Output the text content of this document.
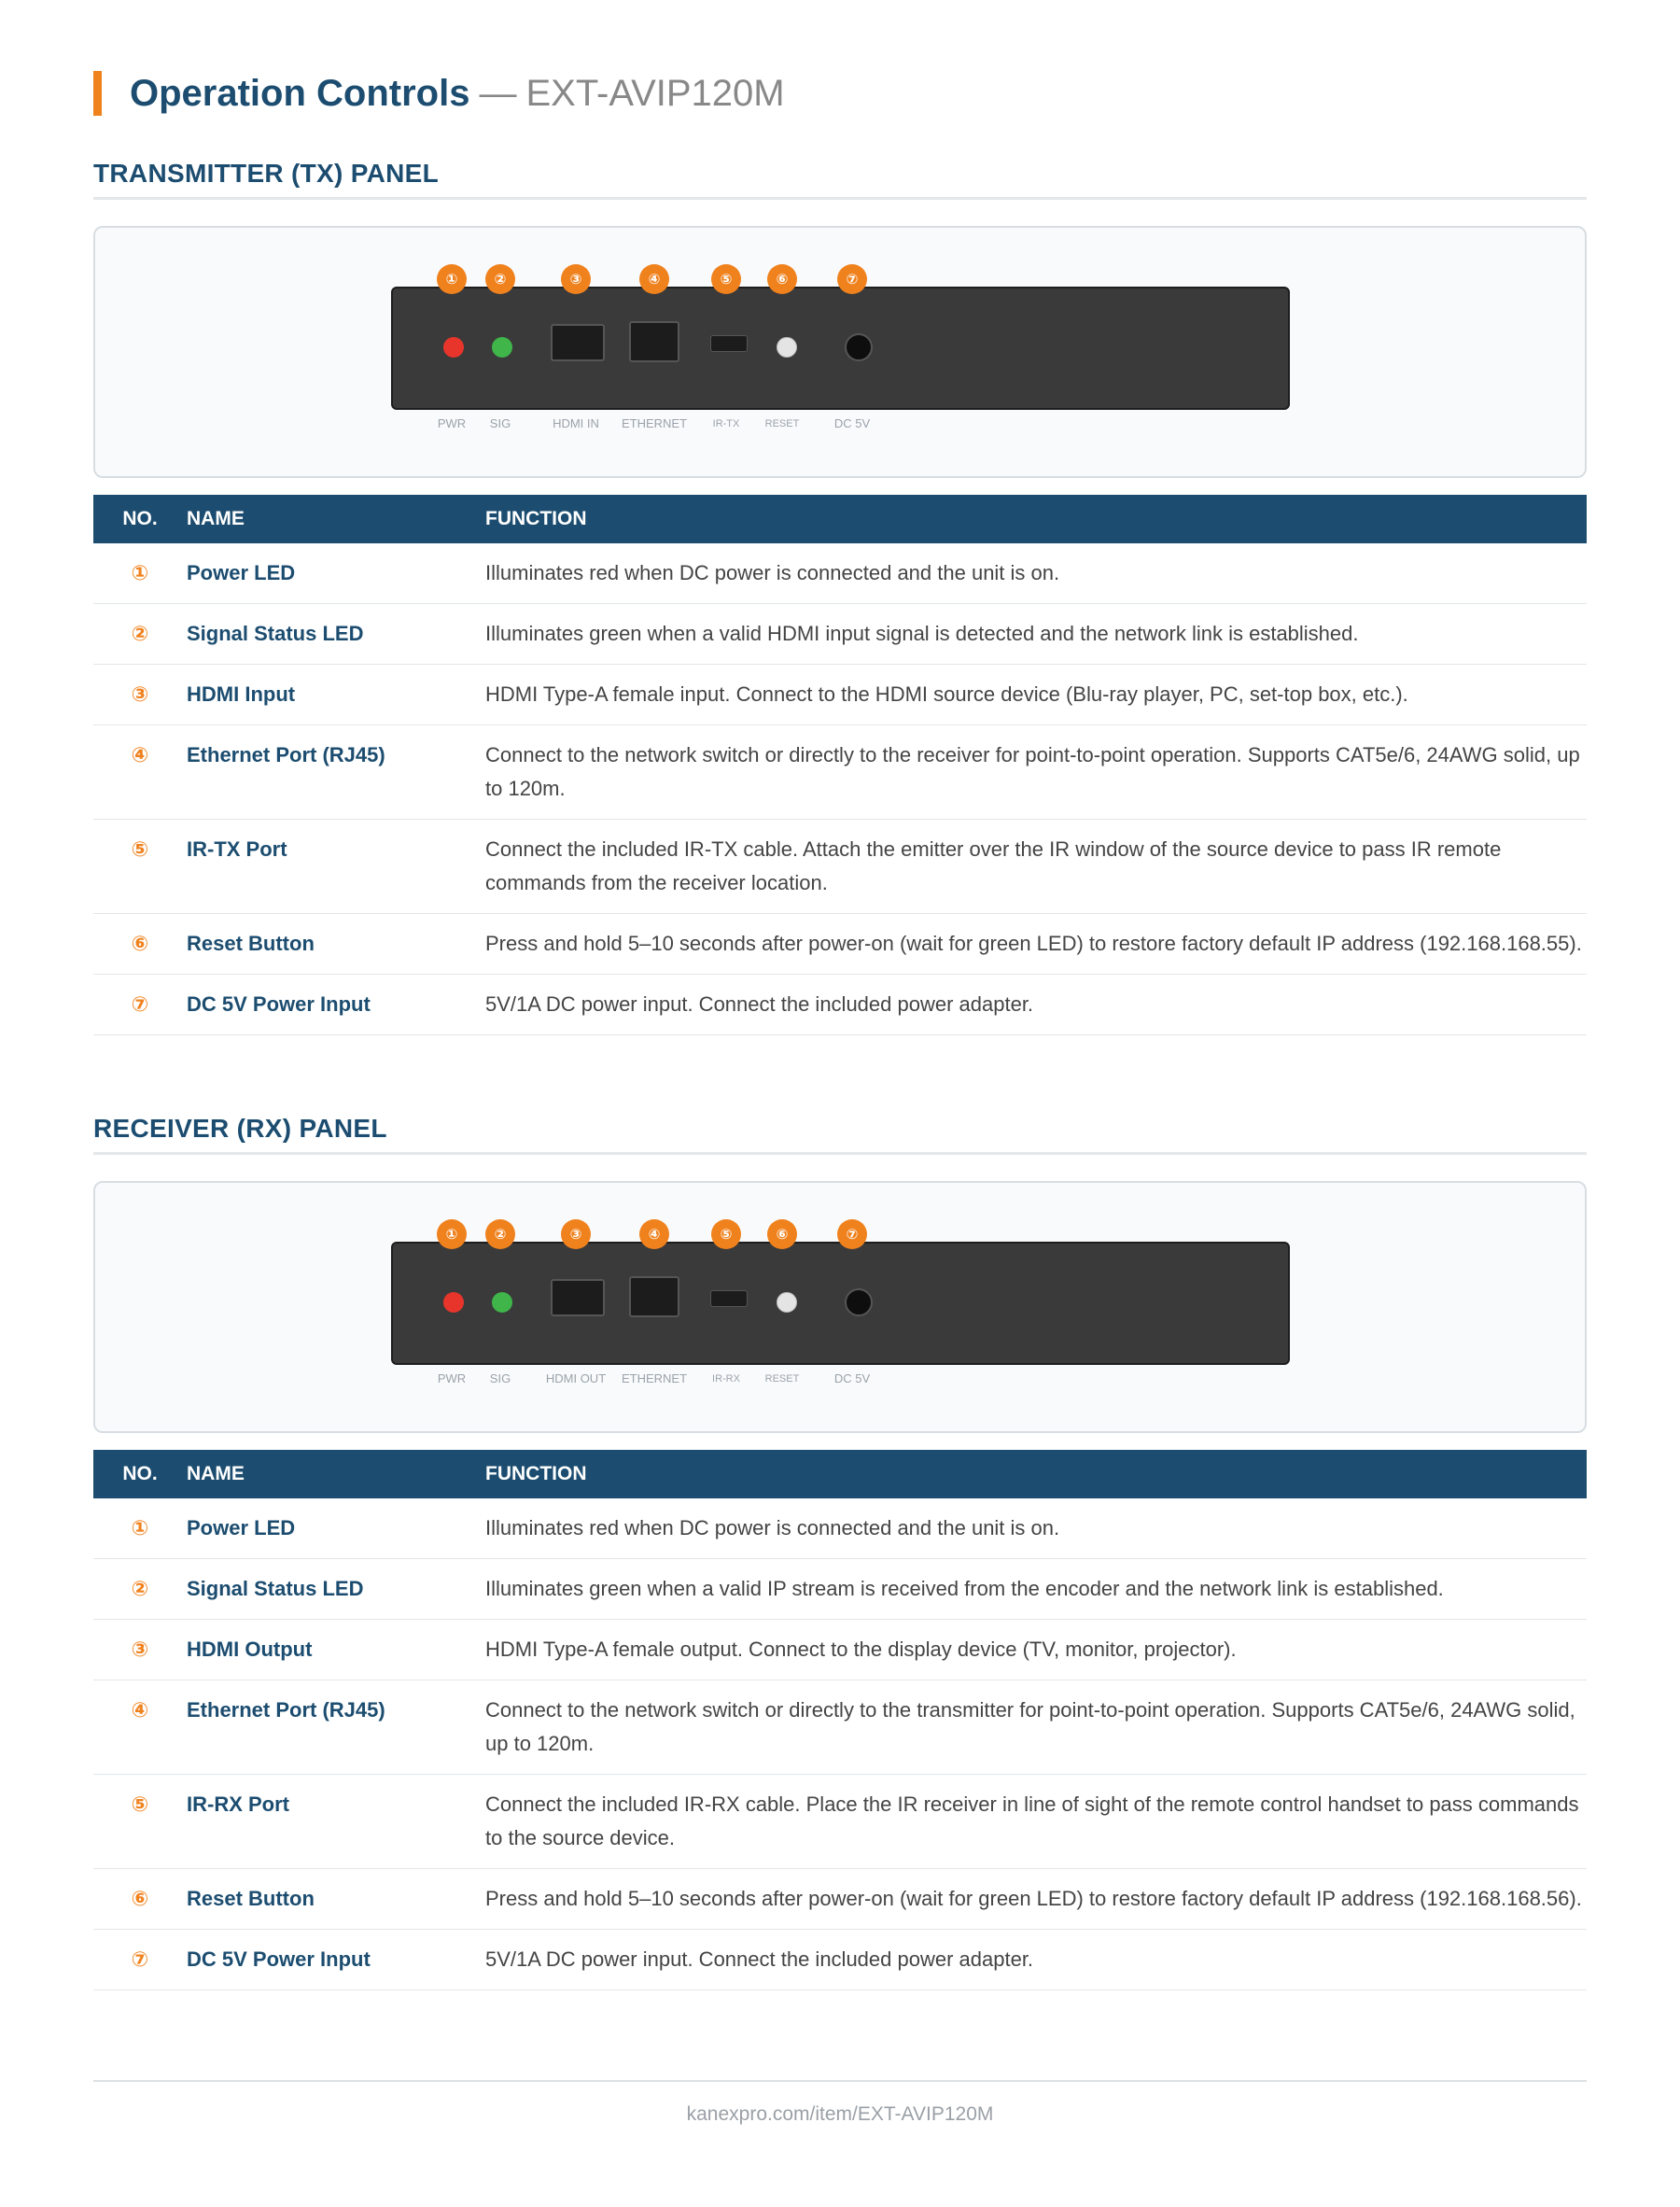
Operation Controls — EXT-AVIP120M
TRANSMITTER (TX) PANEL
①	②	③	④	⑤	⑥	⑦
PWR SIG	HDMI IN ETHERNET	IR-TX RESET	DC 5V
NO.	NAME	FUNCTION
①	Power LED	Illuminates red when DC power is connected and the unit is on.
②	Signal Status LED	Illuminates green when a valid HDMI input signal is detected and the network link is established.
③	HDMI Input	HDMI Type-A female input. Connect to the HDMI source device (Blu-ray player, PC, set-top box, etc.).
④	Ethernet Port (RJ45)	Connect to the network switch or directly to the receiver for point-to-point operation. Supports CAT5e/6, 24AWG solid, up to 120m.
⑤	IR-TX Port	Connect the included IR-TX cable. Attach the emitter over the IR window of the source device to pass IR remote commands from the receiver location.
⑥	Reset Button	Press and hold 5–10 seconds after power-on (wait for green LED) to restore factory default IP address (192.168.168.55).
⑦	DC 5V Power Input	5V/1A DC power input. Connect the included power adapter.
RECEIVER (RX) PANEL
①	②	③	④	⑤	⑥	⑦
PWR SIG	HDMI OUT ETHERNET IR-RX RESET	DC 5V
NO.	NAME	FUNCTION
①	Power LED	Illuminates red when DC power is connected and the unit is on.
②	Signal Status LED	Illuminates green when a valid IP stream is received from the encoder and the network link is established.
③	HDMI Output	HDMI Type-A female output. Connect to the display device (TV, monitor, projector).
④	Ethernet Port (RJ45)	Connect to the network switch or directly to the transmitter for point-to-point operation. Supports CAT5e/6, 24AWG solid, up to 120m.
⑤	IR-RX Port	Connect the included IR-RX cable. Place the IR receiver in line of sight of the remote control handset to pass commands to the source device.
⑥	Reset Button	Press and hold 5–10 seconds after power-on (wait for green LED) to restore factory default IP address (192.168.168.56).
⑦	DC 5V Power Input	5V/1A DC power input. Connect the included power adapter.
kanexpro.com/item/EXT-AVIP120M
